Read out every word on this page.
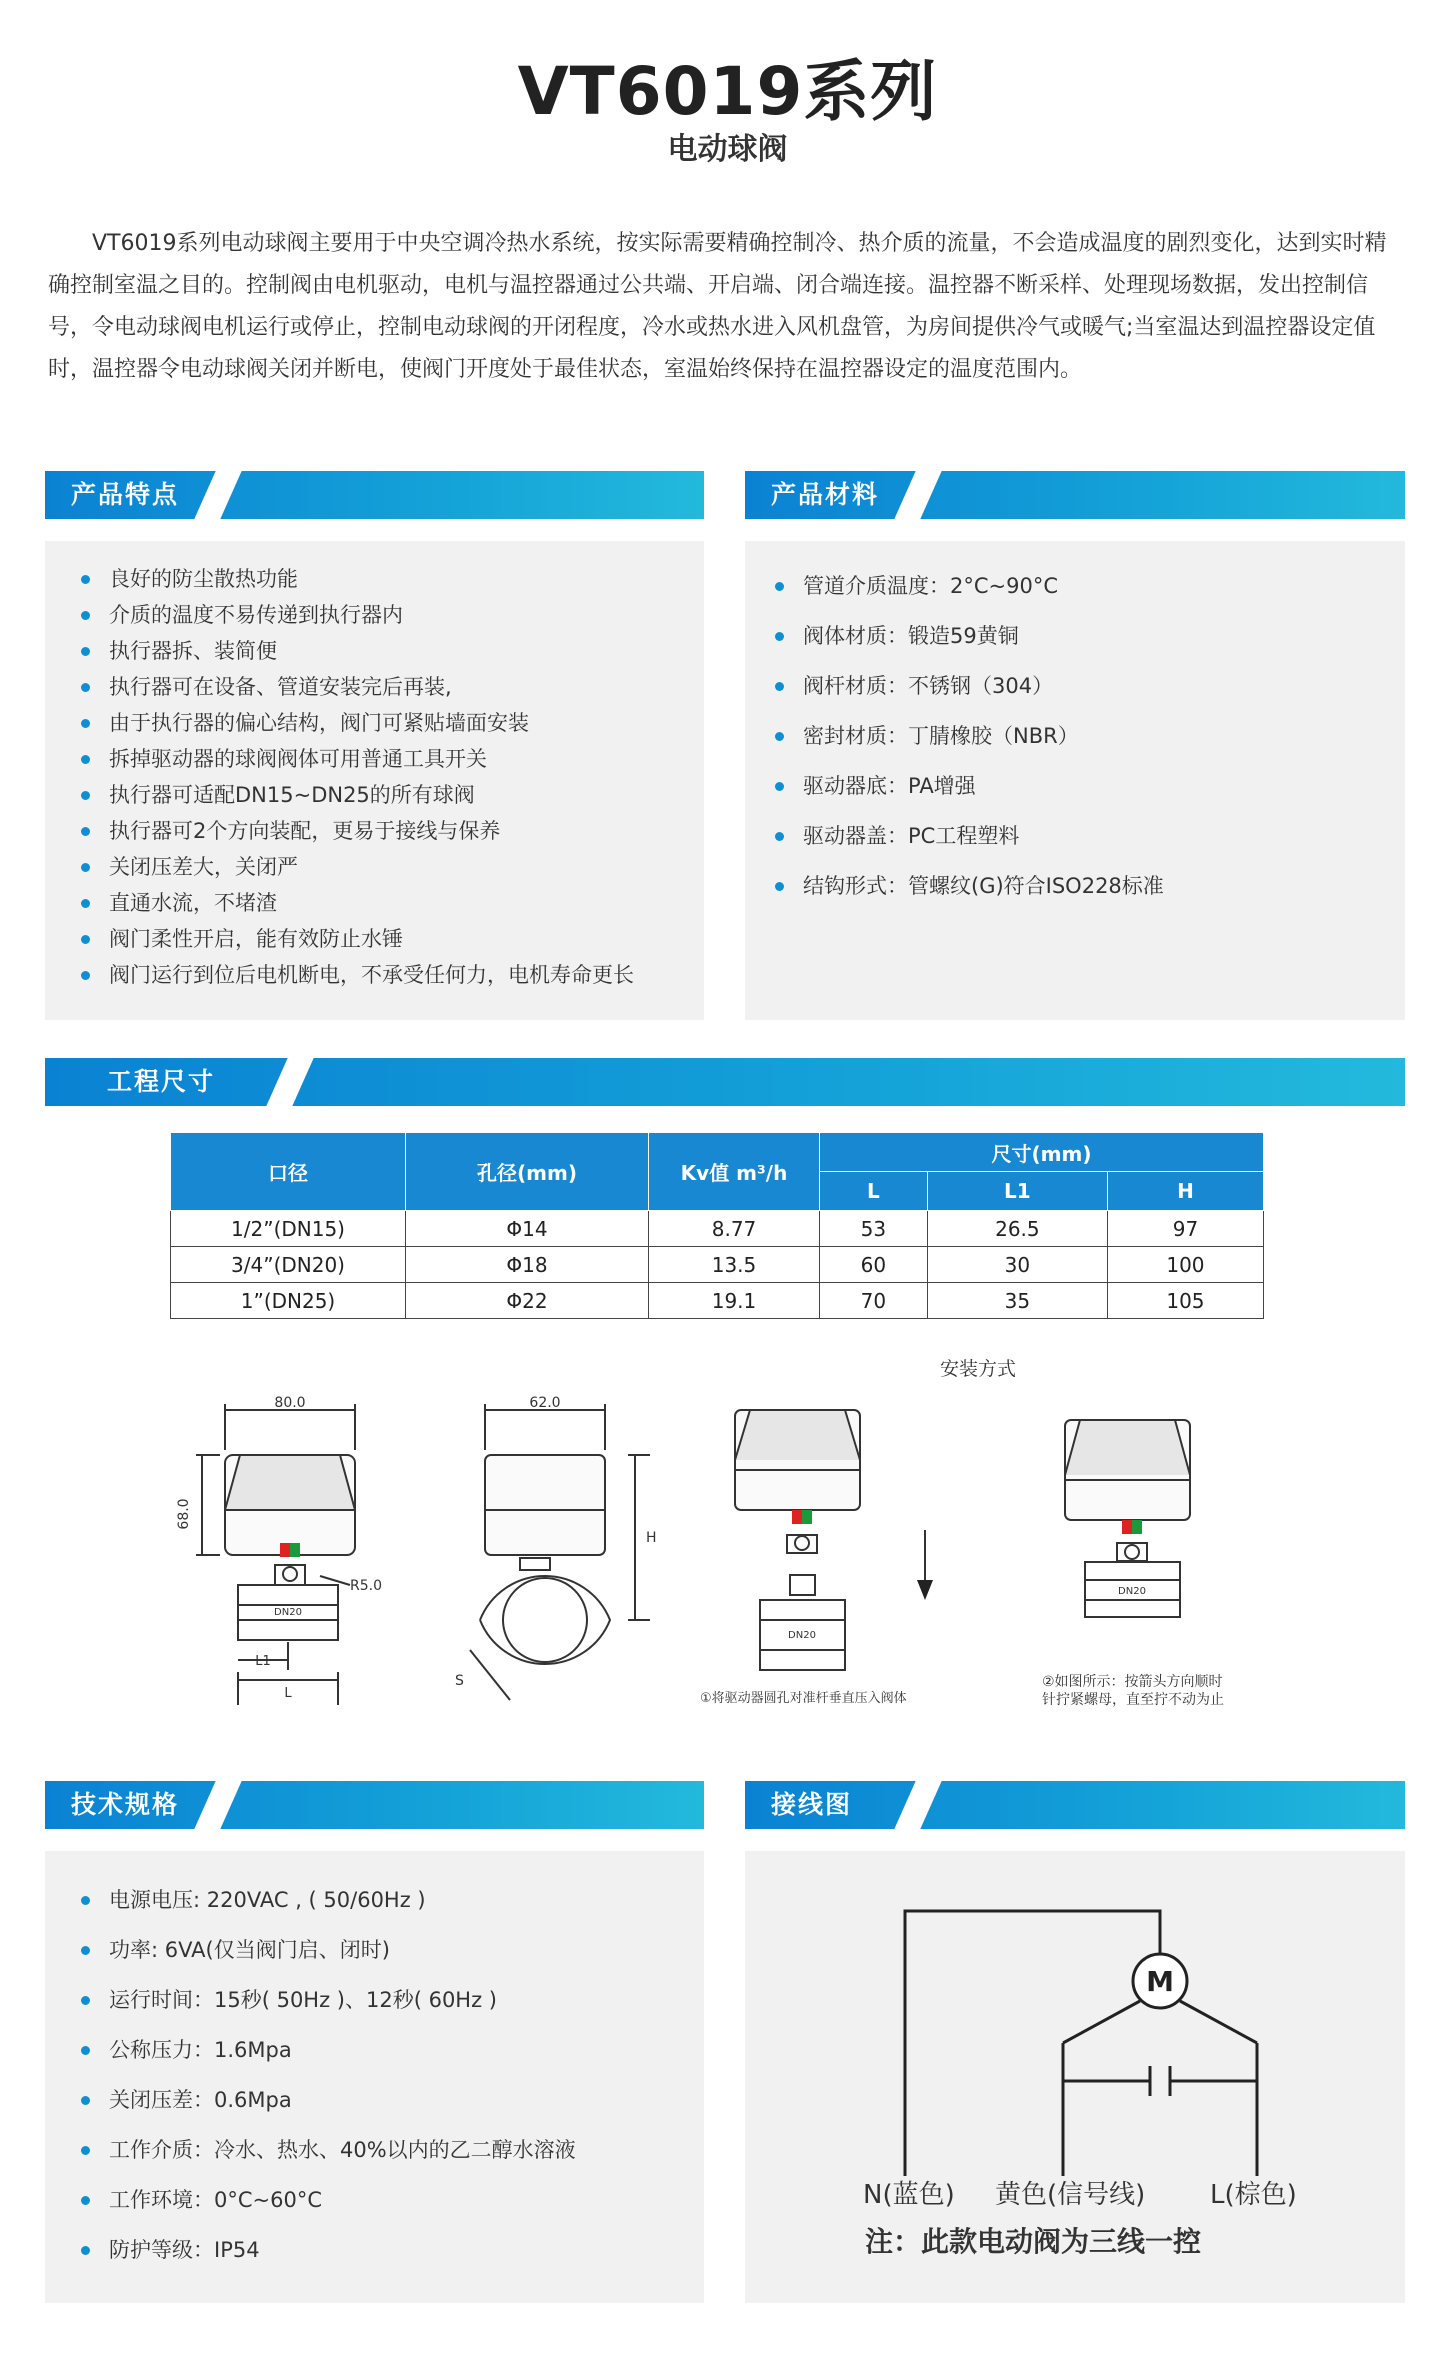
VT6019系列
电动球阀
VT6019系列电动球阀主要用于中央空调冷热水系统，按实际需要精确控制冷、热介质的流量，不会造成温度的剧烈变化，达到实时精确控制室温之目的。控制阀由电机驱动，电机与温控器通过公共端、开启端、闭合端连接。温控器不断采样、处理现场数据，发出控制信号，令电动球阀电机运行或停止，控制电动球阀的开闭程度，冷水或热水进入风机盘管，为房间提供冷气或暖气;当室温达到温控器设定值时，温控器令电动球阀关闭并断电，使阀门开度处于最佳状态，室温始终保持在温控器设定的温度范围内。
产品特点
良好的防尘散热功能
介质的温度不易传递到执行器内
执行器拆、装简便
执行器可在设备、管道安装完后再装,
由于执行器的偏心结构，阀门可紧贴墙面安装
拆掉驱动器的球阀阀体可用普通工具开关
执行器可适配DN15~DN25的所有球阀
执行器可2个方向装配，更易于接线与保养
关闭压差大，关闭严
直通水流，不堵渣
阀门柔性开启，能有效防止水锤
阀门运行到位后电机断电，不承受任何力，电机寿命更长
产品材料
管道介质温度：2°C~90°C
阀体材质：锻造59黄铜
阀杆材质：不锈钢（304）
密封材质：丁腈橡胶（NBR）
驱动器底：PA增强
驱动器盖：PC工程塑料
结钩形式：管螺纹(G)符合ISO228标准
工程尺寸
口径	孔径(mm)	Kv值 m³/h	尺寸(mm)		
			L	L1	H
1/2”(DN15)	Φ14	8.77	53	26.5	97
3/4”(DN20)	Φ18	13.5	60	30	100
1”(DN25)	Φ22	19.1	70	35	105
安装方式
80.0
68.0
R5.0
DN20
L1
L
62.0
H
S
DN20
①将驱动器圆孔对准杆垂直压入阀体
DN20
②如图所示：按箭头方向顺时
针拧紧螺母，直至拧不动为止
技术规格
电源电压: 220VAC , ( 50/60Hz )
功率: 6VA(仅当阀门启、闭时)
运行时间：15秒( 50Hz )、12秒( 60Hz )
公称压力：1.6Mpa
关闭压差：0.6Mpa
工作介质：冷水、热水、40%以内的乙二醇水溶液
工作环境：0°C~60°C
防护等级：IP54
接线图
M
N(蓝色) 黄色(信号线) L(棕色)
注：此款电动阀为三线一控
